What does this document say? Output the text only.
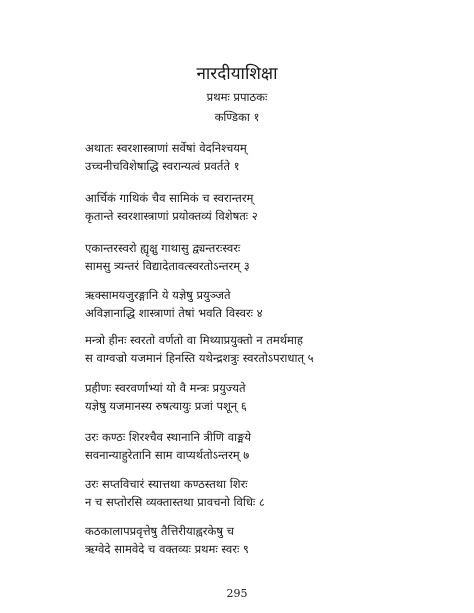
नारदीयाशिक्षा
प्रथमः प्रपाठकः
कण्डिका १
अथातः स्वरशास्त्राणां सर्वेषां वेदनिश्चयम्
उच्चनीचविशेषाद्धि स्वरान्यत्वं प्रवर्तते १
आर्चिकं गाथिकं चैव सामिकं च स्वरान्तरम्
कृतान्ते स्वरशास्त्राणां प्रयोक्तव्यं विशेषतः २
एकान्तरस्वरो ह्यृक्षु गाथासु द्व्यन्तरःस्वरः
सामसु त्र्यन्तरं विद्यादेतावत्स्वरतोऽन्तरम् ३
ऋक्सामयजुरङ्गानि ये यज्ञेषु प्रयुञ्जते
अविज्ञानाद्धि शास्त्राणां तेषां भवति विस्वरः ४
मन्त्रो हीनः स्वरतो वर्णतो वा मिथ्याप्रयुक्तो न तमर्थमाह
स वाग्वज्रो यजमानं हिनस्ति यथेन्द्रशत्रुः स्वरतोऽपराधात् ५
प्रहीणः स्वरवर्णाभ्यां यो वै मन्त्रः प्रयुज्यते
यज्ञेषु यजमानस्य रुषत्यायुः प्रजां पशून् ६
उरः कण्ठः शिरश्चैव स्थानानि त्रीणि वाङ्मये
सवनान्याहुरेतानि साम वाप्यर्थतोऽन्तरम् ७
उरः सप्तविचारं स्यात्तथा कण्ठस्तथा शिरः
न च सप्तोरसि व्यक्तास्तथा प्रावचनो विधिः ८
कठकालापप्रवृत्तेषु तैत्तिरीयाह्वरकेषु च
ऋग्वेदे सामवेदे च वक्तव्यः प्रथमः स्वरः ९
295
